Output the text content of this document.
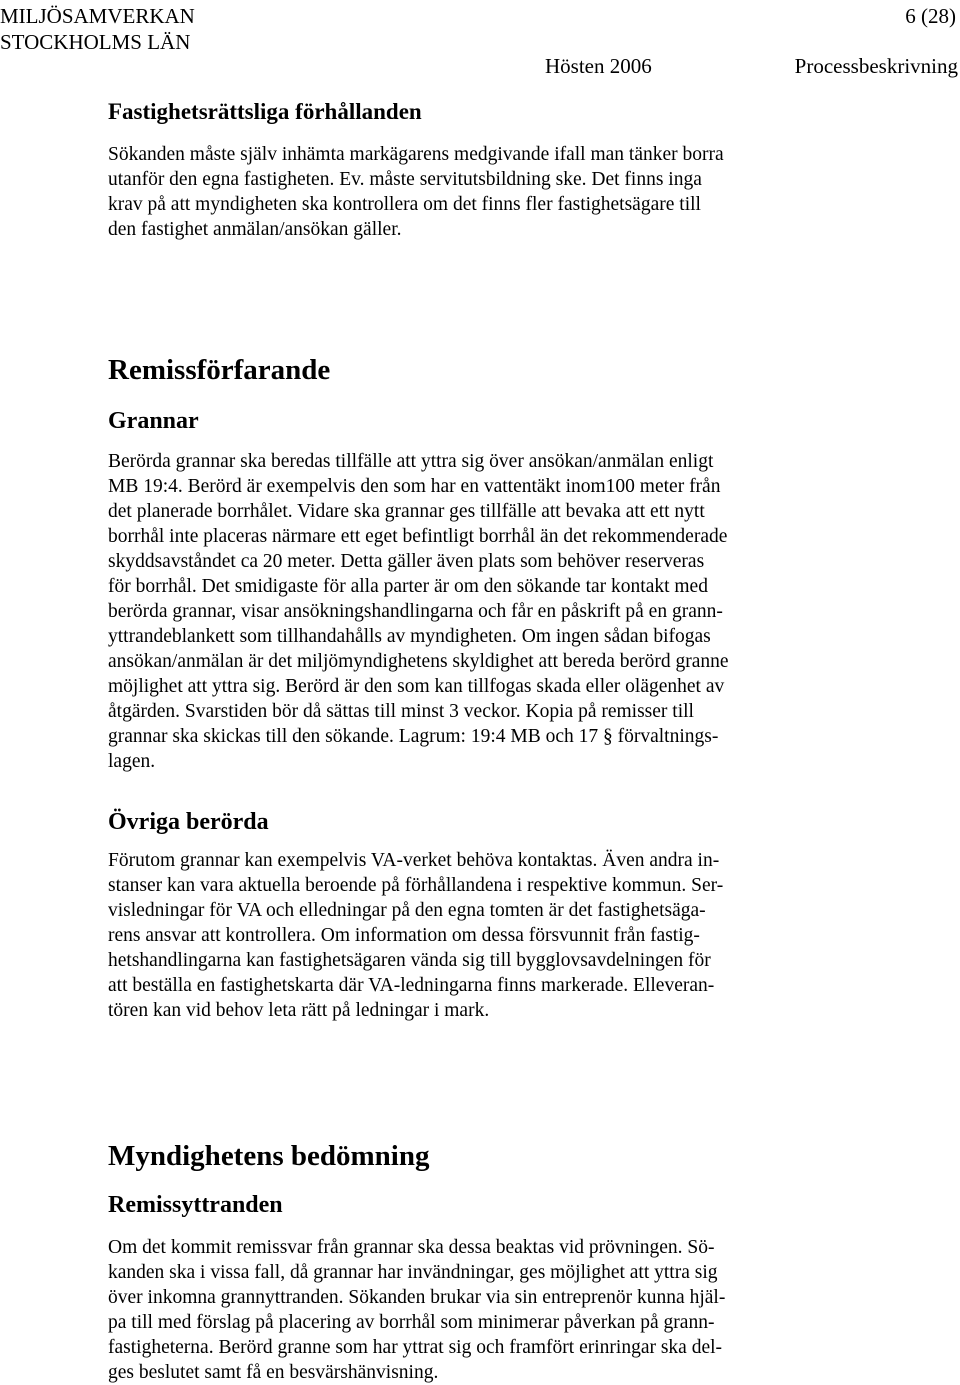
MILJÖSAMVERKAN
STOCKHOLMS LÄN
6 (28)
Hösten 2006	Processbeskrivning
Fastighetsrättsliga förhållanden
Sökanden måste själv inhämta markägarens medgivande ifall man tänker borra
utanför den egna fastigheten. Ev. måste servitutsbildning ske. Det finns inga
krav på att myndigheten ska kontrollera om det finns fler fastighetsägare till
den fastighet anmälan/ansökan gäller.
Remissförfarande
Grannar
Berörda grannar ska beredas tillfälle att yttra sig över ansökan/anmälan enligt
MB 19:4. Berörd är exempelvis den som har en vattentäkt inom100 meter från
det planerade borrhålet. Vidare ska grannar ges tillfälle att bevaka att ett nytt
borrhål inte placeras närmare ett eget befintligt borrhål än det rekommenderade
skyddsavståndet ca 20 meter. Detta gäller även plats som behöver reserveras
för borrhål. Det smidigaste för alla parter är om den sökande tar kontakt med
berörda grannar, visar ansökningshandlingarna och får en påskrift på en grann-
yttrandeblankett som tillhandahålls av myndigheten. Om ingen sådan bifogas
ansökan/anmälan är det miljömyndighetens skyldighet att bereda berörd granne
möjlighet att yttra sig. Berörd är den som kan tillfogas skada eller olägenhet av
åtgärden. Svarstiden bör då sättas till minst 3 veckor. Kopia på remisser till
grannar ska skickas till den sökande. Lagrum: 19:4 MB och 17 § förvaltnings-
lagen.
Övriga berörda
Förutom grannar kan exempelvis VA-verket behöva kontaktas. Även andra in-
stanser kan vara aktuella beroende på förhållandena i respektive kommun. Ser-
visledningar för VA och elledningar på den egna tomten är det fastighetsäga-
rens ansvar att kontrollera. Om information om dessa försvunnit från fastig-
hetshandlingarna kan fastighetsägaren vända sig till bygglovsavdelningen för
att beställa en fastighetskarta där VA-ledningarna finns markerade. Elleveran-
tören kan vid behov leta rätt på ledningar i mark.
Myndighetens bedömning
Remissyttranden
Om det kommit remissvar från grannar ska dessa beaktas vid prövningen. Sö-
kanden ska i vissa fall, då grannar har invändningar, ges möjlighet att yttra sig
över inkomna grannyttranden. Sökanden brukar via sin entreprenör kunna hjäl-
pa till med förslag på placering av borrhål som minimerar påverkan på grann-
fastigheterna. Berörd granne som har yttrat sig och framfört erinringar ska del-
ges beslutet samt få en besvärshänvisning.
